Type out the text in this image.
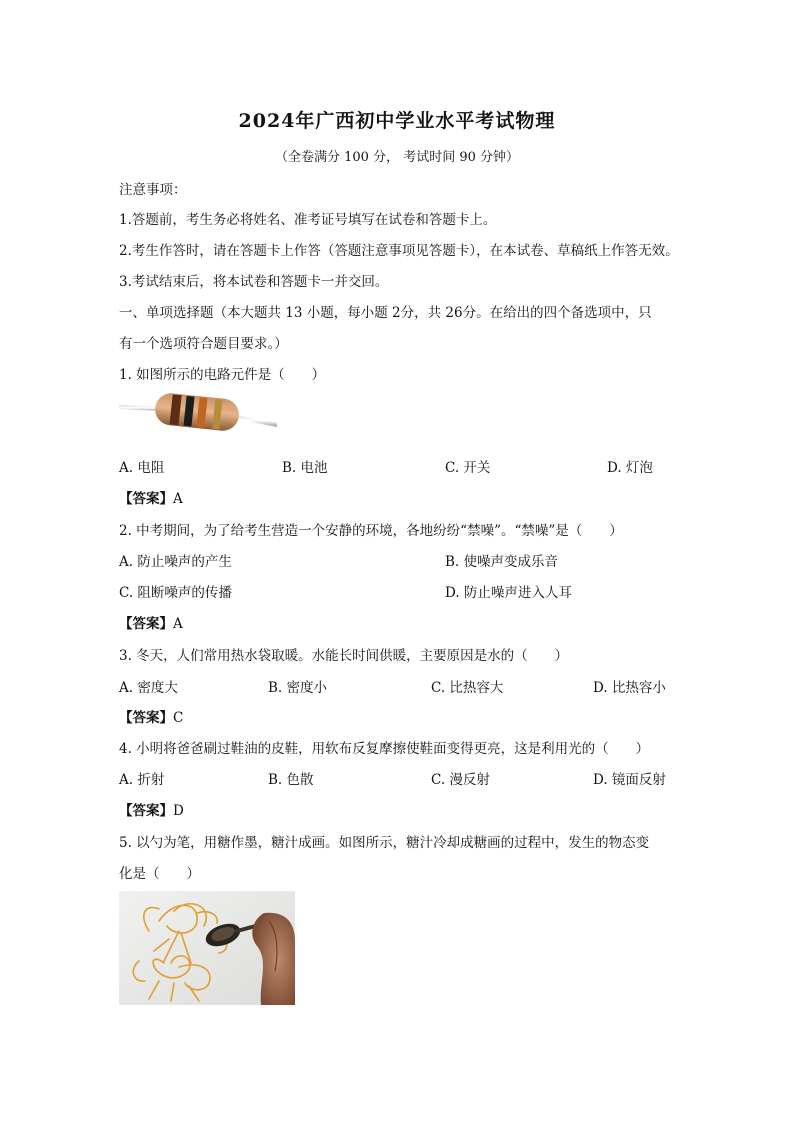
2024年广西初中学业水平考试物理
（全卷满分 100 分， 考试时间 90 分钟）
注意事项：
1.答题前，考生务必将姓名、准考证号填写在试卷和答题卡上。
2.考生作答时，请在答题卡上作答（答题注意事项见答题卡），在本试卷、草稿纸上作答无效。
3.考试结束后，将本试卷和答题卡一并交回。
一、单项选择题（本大题共 13 小题，每小题 2分，共 26分。在给出的四个备选项中，只
有一个选项符合题目要求。）
1. 如图所示的电路元件是（　　）
A. 电阻	B. 电池	C. 开关	D. 灯泡
【答案】A
2. 中考期间，为了给考生营造一个安静的环境，各地纷纷“禁噪”。“禁噪”是（　　）
A. 防止噪声的产生	B. 使噪声变成乐音
C. 阻断噪声的传播	D. 防止噪声进入人耳
【答案】A
3. 冬天，人们常用热水袋取暖。水能长时间供暖，主要原因是水的（　　）
A. 密度大	B. 密度小	C. 比热容大	D. 比热容小
【答案】C
4. 小明将爸爸刷过鞋油的皮鞋，用软布反复摩擦使鞋面变得更亮，这是利用光的（　　）
A. 折射	B. 色散	C. 漫反射	D. 镜面反射
【答案】D
5. 以勺为笔，用糖作墨，糖汁成画。如图所示，糖汁冷却成糖画的过程中，发生的物态变
化是（　　）
